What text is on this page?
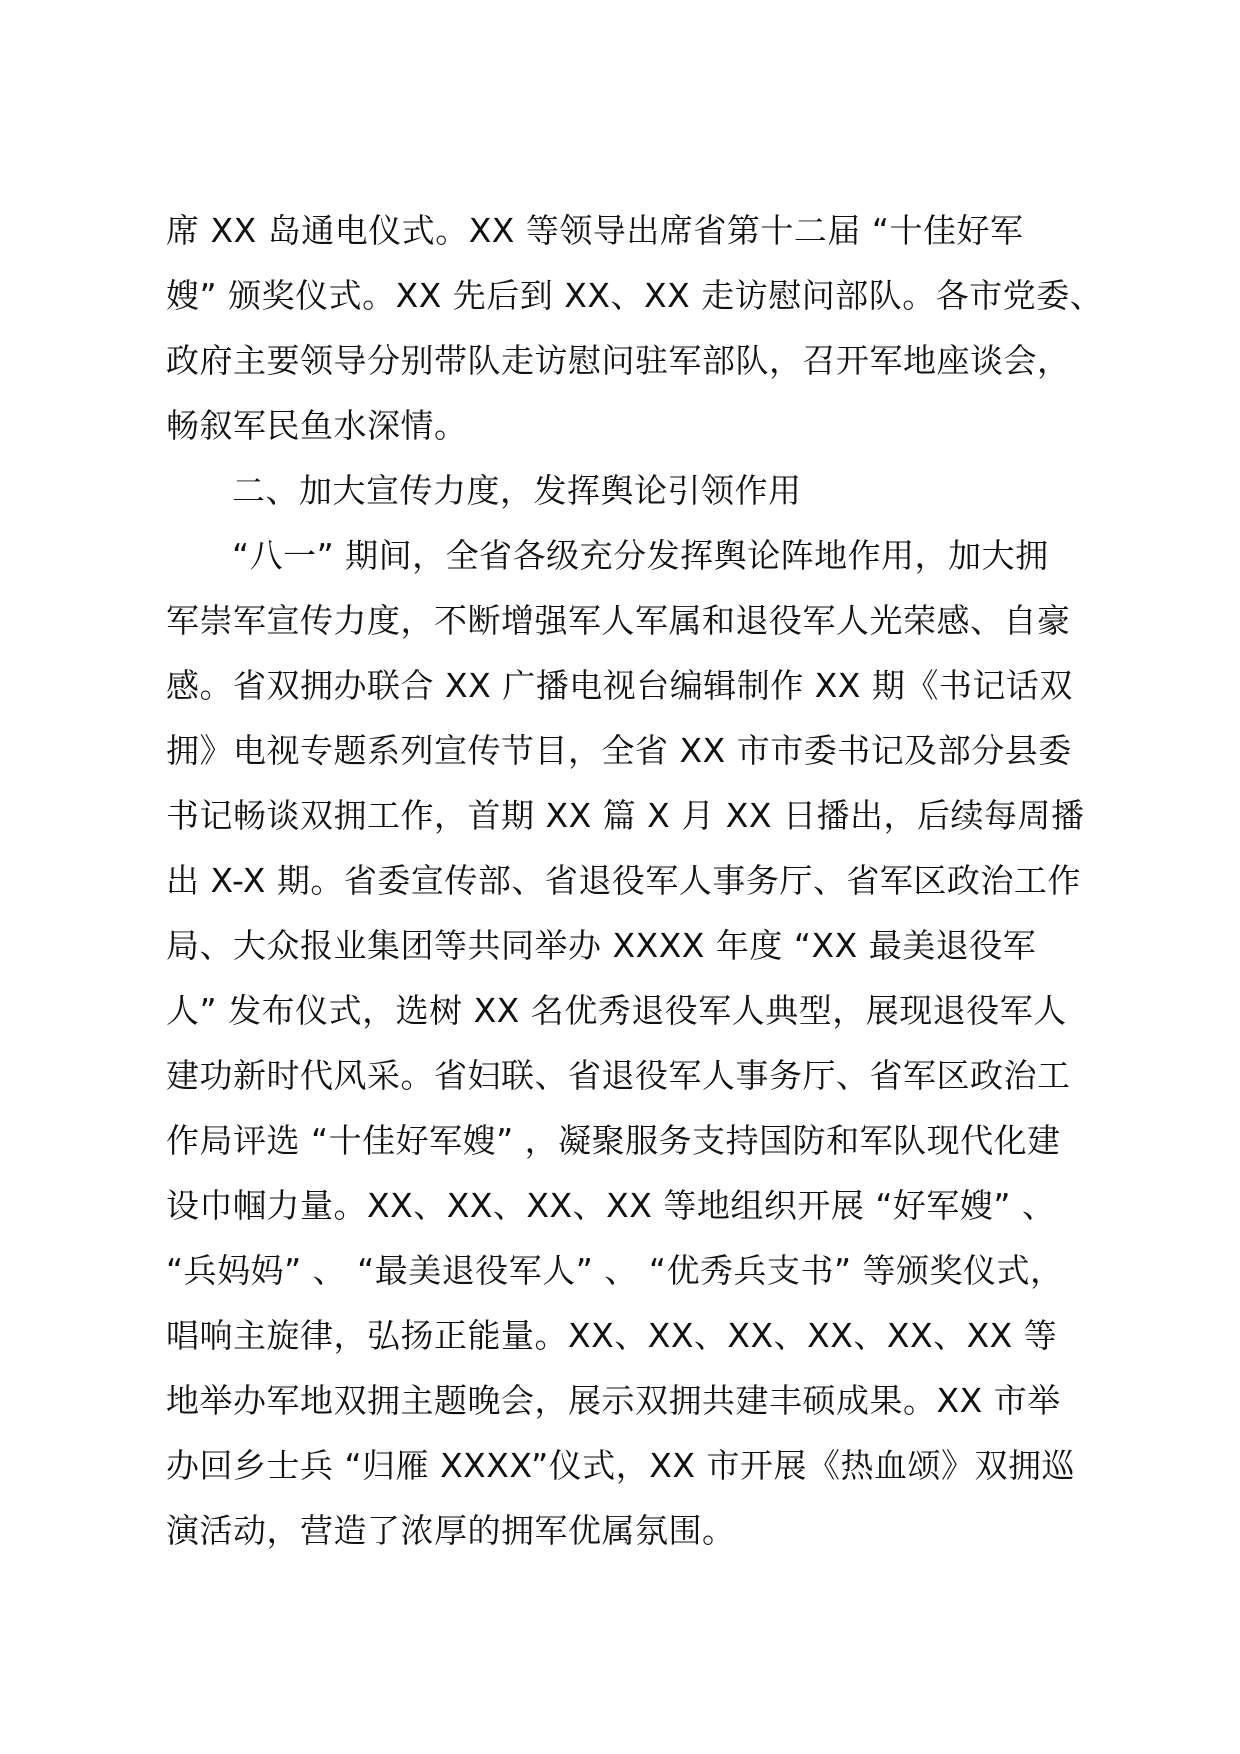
席 XX 岛通电仪式。XX 等领导出席省第十二届 “十佳好军
嫂” 颁奖仪式。XX 先后到 XX、XX 走访慰问部队。各市党委、
政府主要领导分别带队走访慰问驻军部队，召开军地座谈会，
畅叙军民鱼水深情。
二、加大宣传力度，发挥舆论引领作用
“八一” 期间，全省各级充分发挥舆论阵地作用，加大拥
军崇军宣传力度，不断增强军人军属和退役军人光荣感、自豪
感。省双拥办联合 XX 广播电视台编辑制作 XX 期《书记话双
拥》电视专题系列宣传节目，全省 XX 市市委书记及部分县委
书记畅谈双拥工作，首期 XX 篇 X 月 XX 日播出，后续每周播
出 X-X 期。省委宣传部、省退役军人事务厅、省军区政治工作
局、大众报业集团等共同举办 XXXX 年度 “XX 最美退役军
人” 发布仪式，选树 XX 名优秀退役军人典型，展现退役军人
建功新时代风采。省妇联、省退役军人事务厅、省军区政治工
作局评选 “十佳好军嫂” ，凝聚服务支持国防和军队现代化建
设巾帼力量。XX、XX、XX、XX 等地组织开展 “好军嫂” 、
“兵妈妈” 、 “最美退役军人” 、 “优秀兵支书” 等颁奖仪式，
唱响主旋律，弘扬正能量。XX、XX、XX、XX、XX、XX 等
地举办军地双拥主题晚会，展示双拥共建丰硕成果。XX 市举
办回乡士兵 “归雁 XXXX”仪式，XX 市开展《热血颂》双拥巡
演活动，营造了浓厚的拥军优属氛围。
